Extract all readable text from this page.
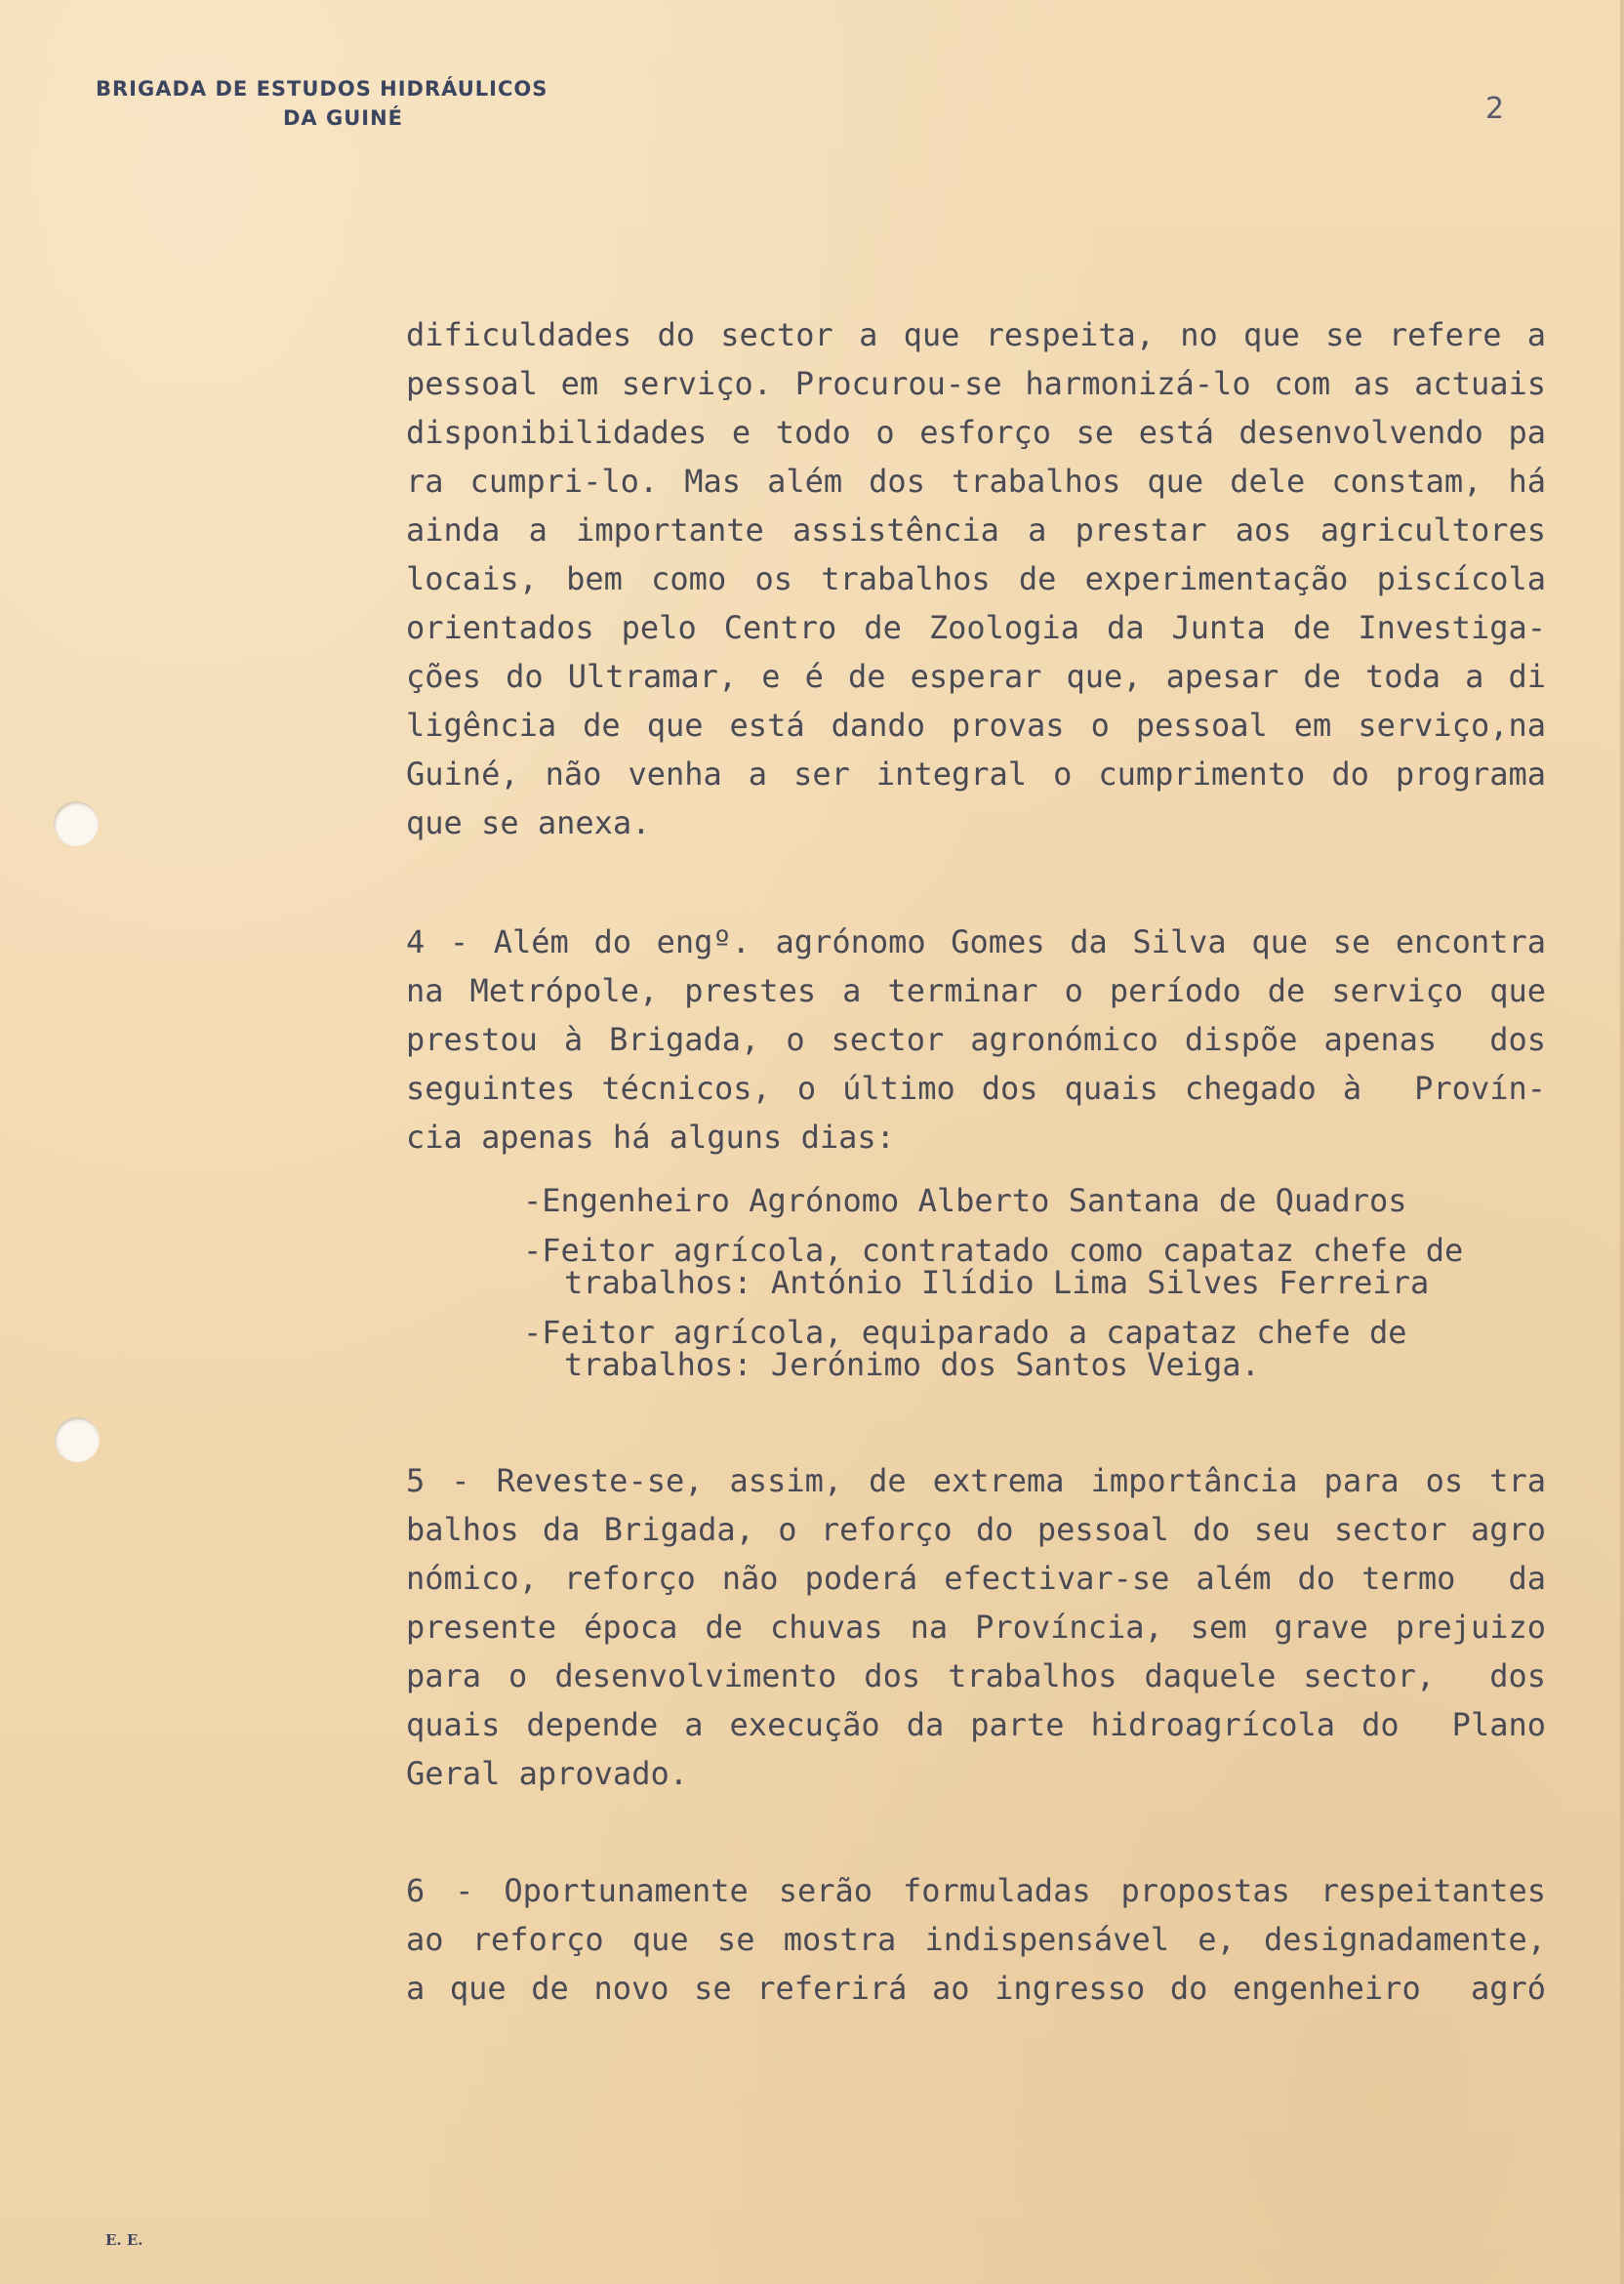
BRIGADA DE ESTUDOS HIDRÁULICOS
DA GUINÉ	2
dificuldades do sector a que respeita, no que se refere a
pessoal em serviço. Procurou-se harmonizá-lo com as actuais
disponibilidades e todo o esforço se está desenvolvendo pa
ra cumpri-lo. Mas além dos trabalhos que dele constam, há
ainda a importante assistência a prestar aos agricultores
locais, bem como os trabalhos de experimentação piscícola
orientados pelo Centro de Zoologia da Junta de Investiga-
ções do Ultramar, e é de esperar que, apesar de toda a di
ligência de que está dando provas o pessoal em serviço,na
Guiné, não venha a ser integral o cumprimento do programa
que se anexa.
4 - Além do engº. agrónomo Gomes da Silva que se encontra
na Metrópole, prestes a terminar o período de serviço que
prestou à Brigada, o sector agronómico dispõe apenas  dos
seguintes técnicos, o último dos quais chegado à  Provín-
cia apenas há alguns dias:
-Engenheiro Agrónomo Alberto Santana de Quadros
-Feitor agrícola, contratado como capataz chefe de
trabalhos: António Ilídio Lima Silves Ferreira
-Feitor agrícola, equiparado a capataz chefe de
trabalhos: Jerónimo dos Santos Veiga.
5 - Reveste-se, assim, de extrema importância para os tra
balhos da Brigada, o reforço do pessoal do seu sector agro
nómico, reforço não poderá efectivar-se além do termo  da
presente época de chuvas na Província, sem grave prejuizo
para o desenvolvimento dos trabalhos daquele sector,  dos
quais depende a execução da parte hidroagrícola do  Plano
Geral aprovado.
6 - Oportunamente serão formuladas propostas respeitantes
ao reforço que se mostra indispensável e, designadamente,
a que de novo se referirá ao ingresso do engenheiro  agró
E. E.
